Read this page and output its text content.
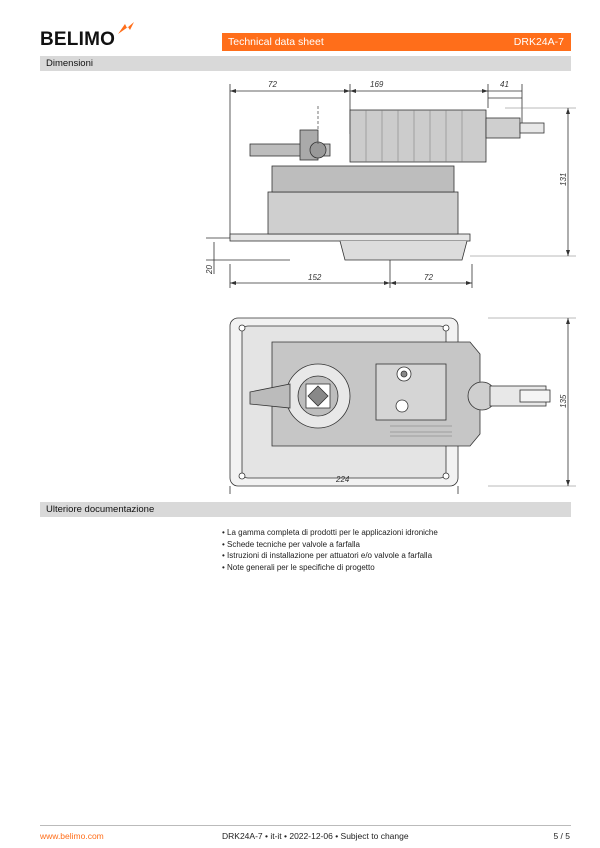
BELIMO	Technical data sheet	DRK24A-7
Dimensioni
72	169	41
131
20
152	72
135
224
Ulteriore documentazione
• La gamma completa di prodotti per le applicazioni idroniche
• Schede tecniche per valvole a farfalla
• Istruzioni di installazione per attuatori e/o valvole a farfalla
• Note generali per le specifiche di progetto
www.belimo.com	DRK24A-7 • it-it • 2022-12-06 • Subject to change	5 / 5
